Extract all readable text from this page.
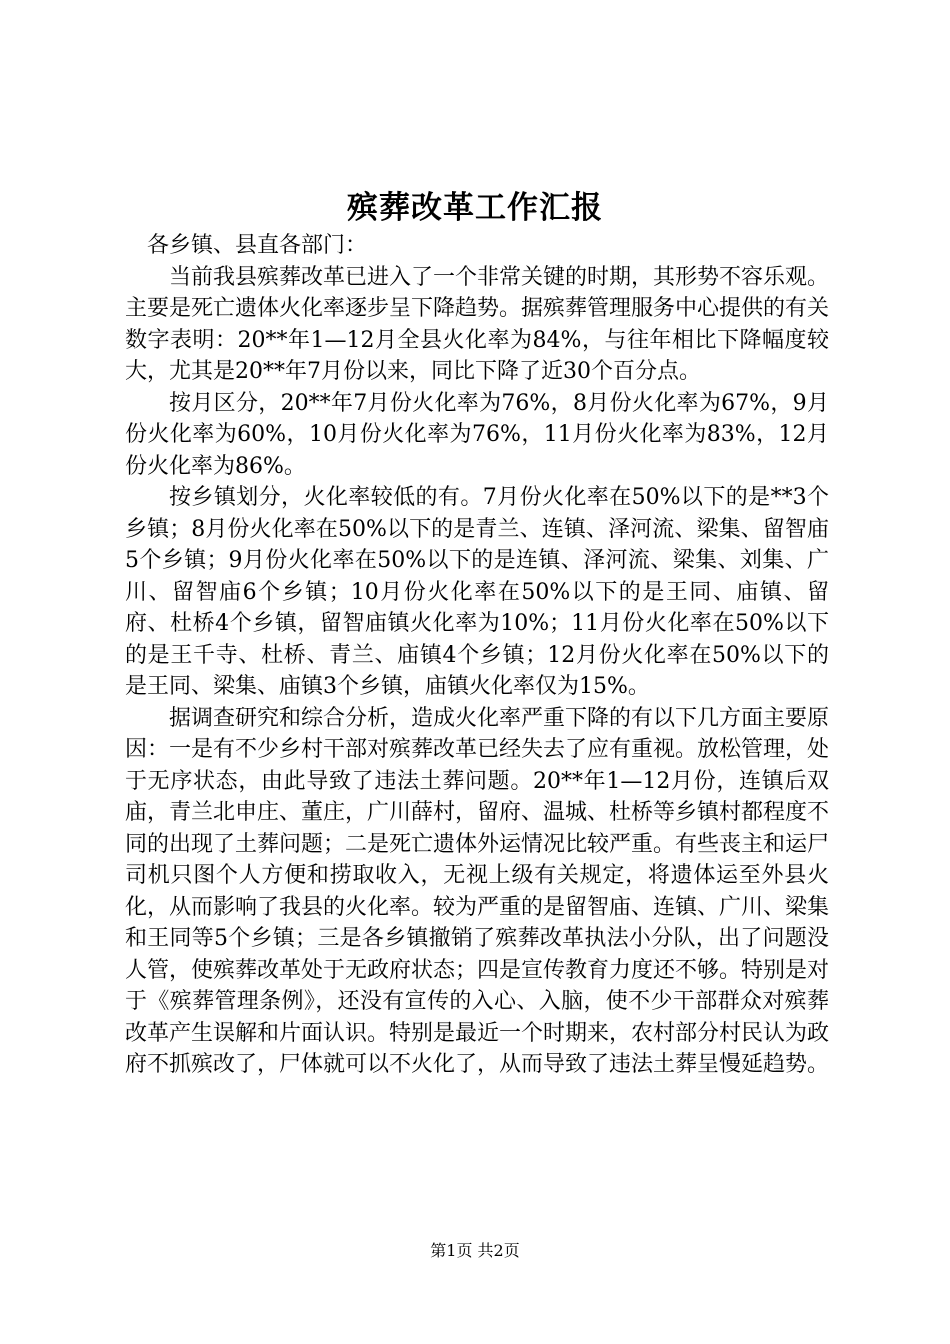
殡葬改革工作汇报

各乡镇、县直各部门：

当前我县殡葬改革已进入了一个非常关键的时期，其形势不容乐观。主要是死亡遗体火化率逐步呈下降趋势。据殡葬管理服务中心提供的有关数字表明：20**年1—12月全县火化率为84%，与往年相比下降幅度较大，尤其是20**年7月份以来，同比下降了近30个百分点。

按月区分，20**年7月份火化率为76%，8月份火化率为67%，9月份火化率为60%，10月份火化率为76%，11月份火化率为83%，12月份火化率为86%。

按乡镇划分，火化率较低的有。7月份火化率在50%以下的是**3个乡镇；8月份火化率在50%以下的是青兰、连镇、泽河流、梁集、留智庙5个乡镇；9月份火化率在50%以下的是连镇、泽河流、梁集、刘集、广川、留智庙6个乡镇；10月份火化率在50%以下的是王同、庙镇、留府、杜桥4个乡镇，留智庙镇火化率为10%；11月份火化率在50%以下的是王千寺、杜桥、青兰、庙镇4个乡镇；12月份火化率在50%以下的是王同、梁集、庙镇3个乡镇，庙镇火化率仅为15%。

据调查研究和综合分析，造成火化率严重下降的有以下几方面主要原因：一是有不少乡村干部对殡葬改革已经失去了应有重视。放松管理，处于无序状态，由此导致了违法土葬问题。20**年1—12月份，连镇后双庙，青兰北申庄、董庄，广川薛村，留府、温城、杜桥等乡镇村都程度不同的出现了土葬问题；二是死亡遗体外运情况比较严重。有些丧主和运尸司机只图个人方便和捞取收入，无视上级有关规定，将遗体运至外县火化，从而影响了我县的火化率。较为严重的是留智庙、连镇、广川、梁集和王同等5个乡镇；三是各乡镇撤销了殡葬改革执法小分队，出了问题没人管，使殡葬改革处于无政府状态；四是宣传教育力度还不够。特别是对于《殡葬管理条例》，还没有宣传的入心、入脑，使不少干部群众对殡葬改革产生误解和片面认识。特别是最近一个时期来，农村部分村民认为政府不抓殡改了，尸体就可以不火化了，从而导致了违法土葬呈慢延趋势。

第1页 共2页
